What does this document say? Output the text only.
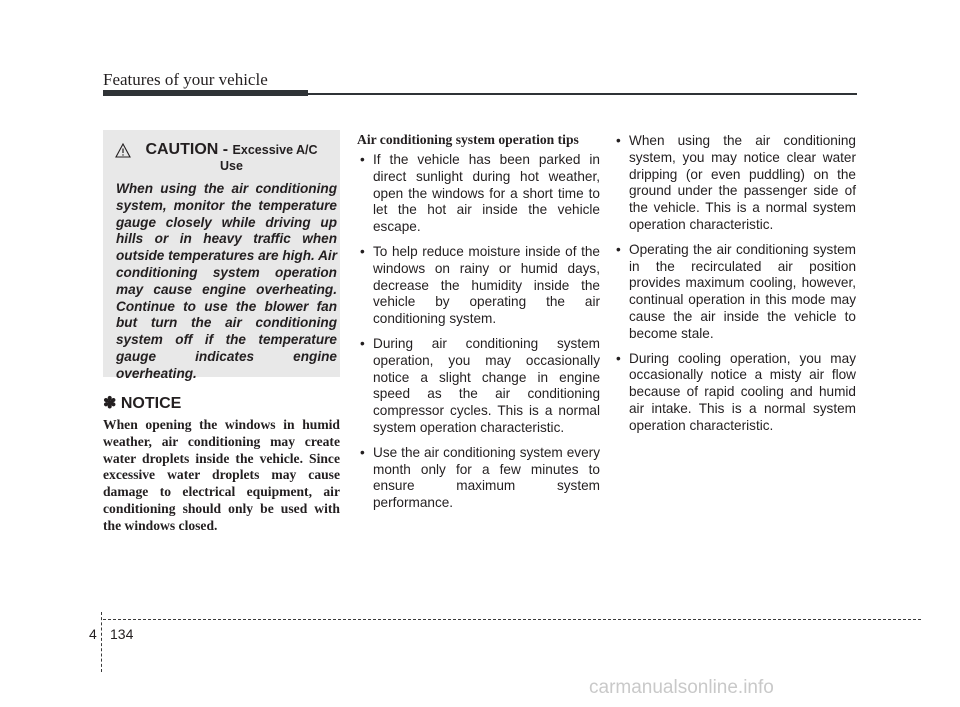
Features of your vehicle
CAUTION - Excessive A/C
Use

When using the air conditioning system, monitor the temperature gauge closely while driving up hills or in heavy traffic when outside temperatures are high. Air conditioning system operation may cause engine overheating. Continue to use the blower fan but turn the air conditioning system off if the temperature gauge indicates engine overheating.

✽ NOTICE

When opening the windows in humid weather, air conditioning may create water droplets inside the vehicle. Since excessive water droplets may cause damage to electrical equipment, air conditioning should only be used with the windows closed.

Air conditioning system operation tips
• If the vehicle has been parked in direct sunlight during hot weather, open the windows for a short time to let the hot air inside the vehicle escape.
• To help reduce moisture inside of the windows on rainy or humid days, decrease the humidity inside the vehicle by operating the air conditioning system.
• During air conditioning system operation, you may occasionally notice a slight change in engine speed as the air conditioning compressor cycles. This is a normal system operation characteristic.
• Use the air conditioning system every month only for a few minutes to ensure maximum system performance.
• When using the air conditioning system, you may notice clear water dripping (or even puddling) on the ground under the passenger side of the vehicle. This is a normal system operation characteristic.
• Operating the air conditioning system in the recirculated air position provides maximum cooling, however, continual operation in this mode may cause the air inside the vehicle to become stale.
• During cooling operation, you may occasionally notice a misty air flow because of rapid cooling and humid air intake. This is a normal system operation characteristic.
4 134
carmanualsonline.info
